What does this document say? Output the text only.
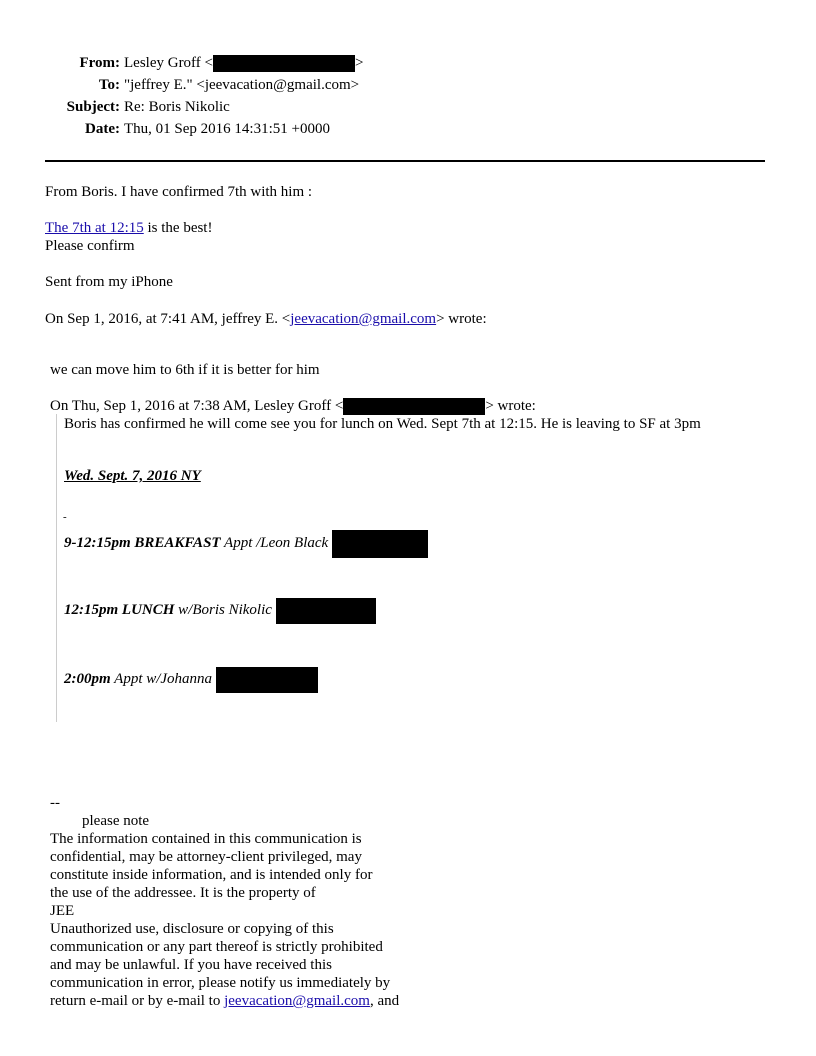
From: Lesley Groff <	>
To: "jeffrey E." <jeevacation@gmail.com>
Subject: Re: Boris Nikolic
Date: Thu, 01 Sep 2016 14:31:51 +0000
From Boris. I have confirmed 7th with him :
The 7th at 12:15 is the best!
Please confirm
Sent from my iPhone
On Sep 1, 2016, at 7:41 AM, jeffrey E. <jeevacation@gmail.com> wrote:
we can move him to 6th if it is better for him
On Thu, Sep 1, 2016 at 7:38 AM, Lesley Groff <	> wrote:
Boris has confirmed he will come see you for lunch on Wed. Sept 7th at 12:15. He is leaving to SF at 3pm
Wed. Sept. 7, 2016 NY
-
9-12:15pm BREAKFAST Appt /Leon Black
12:15pm LUNCH w/Boris Nikolic
2:00pm Appt w/Johanna
--
please note
The information contained in this communication is
confidential, may be attorney-client privileged, may
constitute inside information, and is intended only for
the use of the addressee. It is the property of
JEE
Unauthorized use, disclosure or copying of this
communication or any part thereof is strictly prohibited
and may be unlawful. If you have received this
communication in error, please notify us immediately by
return e-mail or by e-mail to jeevacation@gmail.com, and
